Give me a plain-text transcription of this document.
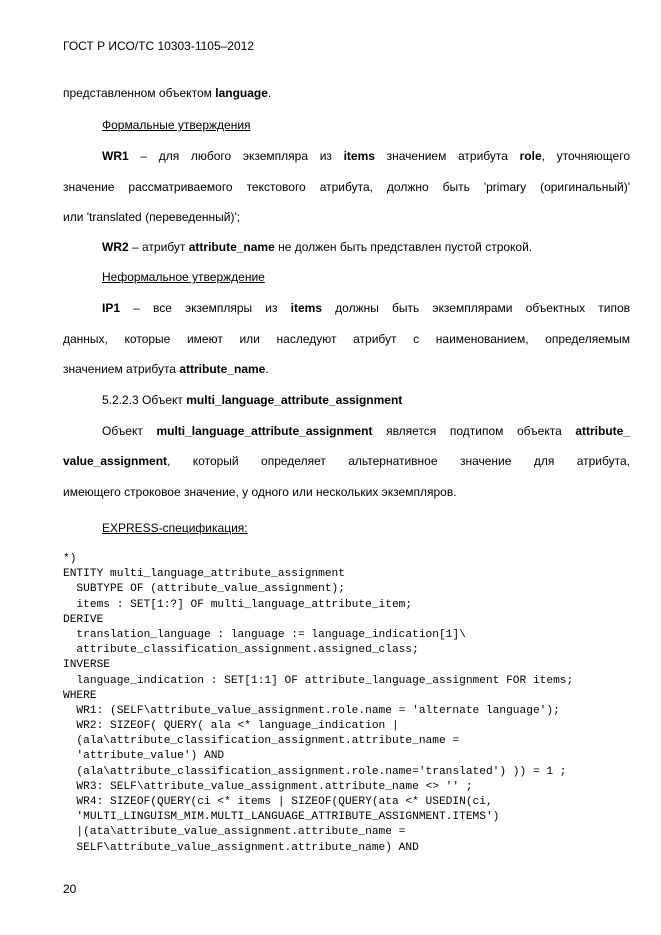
ГОСТ Р ИСО/ТС 10303-1105–2012
представленном объектом language.
Формальные утверждения
WR1 – для любого экземпляра из items значением атрибута role, уточняющего
значение рассматриваемого текстового атрибута, должно быть 'primary (оригинальный)'
или 'translated (переведенный)';
WR2 – атрибут attribute_name не должен быть представлен пустой строкой.
Неформальное утверждение
IP1 – все экземпляры из items должны быть экземплярами объектных типов
данных, которые имеют или наследуют атрибут с наименованием, определяемым
значением атрибута attribute_name.
5.2.2.3 Объект multi_language_attribute_assignment
Объект multi_language_attribute_assignment является подтипом объекта attribute_
value_assignment, который определяет альтернативное значение для атрибута,
имеющего строковое значение, у одного или нескольких экземпляров.
EXPRESS-спецификация:
*)
ENTITY multi_language_attribute_assignment
SUBTYPE OF (attribute_value_assignment);
items : SET[1:?] OF multi_language_attribute_item;
DERIVE
translation_language : language := language_indication[1]\
attribute_classification_assignment.assigned_class;
INVERSE
language_indication : SET[1:1] OF attribute_language_assignment FOR items;
WHERE
WR1: (SELF\attribute_value_assignment.role.name = 'alternate language');
WR2: SIZEOF( QUERY( ala <* language_indication |
(ala\attribute_classification_assignment.attribute_name =
'attribute_value') AND
(ala\attribute_classification_assignment.role.name='translated') )) = 1 ;
WR3: SELF\attribute_value_assignment.attribute_name <> '' ;
WR4: SIZEOF(QUERY(ci <* items | SIZEOF(QUERY(ata <* USEDIN(ci,
'MULTI_LINGUISM_MIM.MULTI_LANGUAGE_ATTRIBUTE_ASSIGNMENT.ITEMS')
|(ata\attribute_value_assignment.attribute_name =
SELF\attribute_value_assignment.attribute_name) AND
20
